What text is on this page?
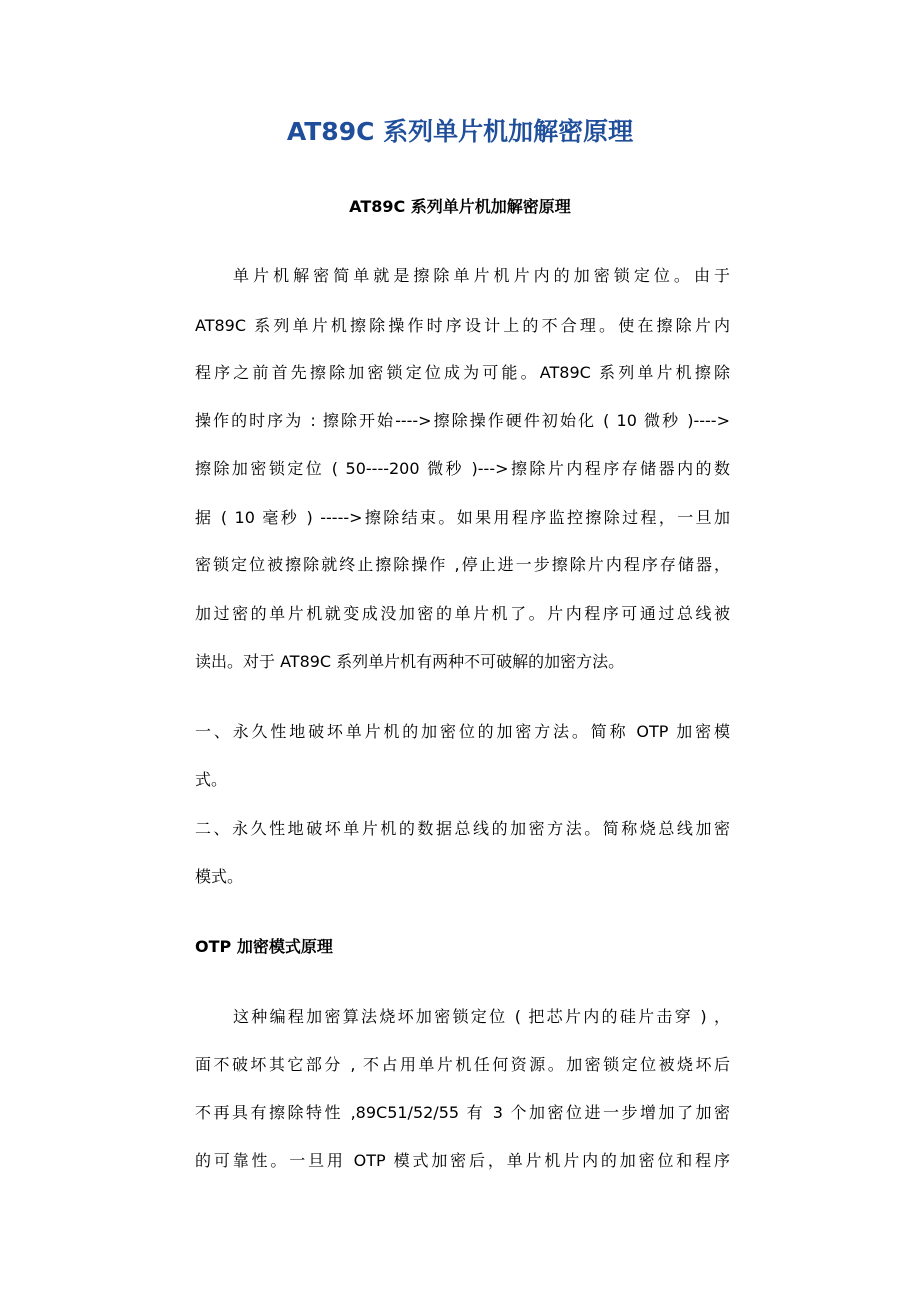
AT89C 系列单片机加解密原理
AT89C 系列单片机加解密原理
单片机解密简单就是擦除单片机片内的加密锁定位。由于
AT89C 系列单片机擦除操作时序设计上的不合理。使在擦除片内
程序之前首先擦除加密锁定位成为可能。AT89C 系列单片机擦除
操作的时序为 : 擦除开始---->擦除操作硬件初始化 ( 10 微秒 )---->
擦除加密锁定位 ( 50----200 微秒 )--->擦除片内程序存储器内的数
据 ( 10 毫秒 ) ----->擦除结束。如果用程序监控擦除过程，一旦加
密锁定位被擦除就终止擦除操作 ,停止进一步擦除片内程序存储器，
加过密的单片机就变成没加密的单片机了。片内程序可通过总线被
读出。对于 AT89C 系列单片机有两种不可破解的加密方法。
一、永久性地破坏单片机的加密位的加密方法。简称 OTP 加密模
式。
二、永久性地破坏单片机的数据总线的加密方法。简称烧总线加密
模式。
OTP 加密模式原理
这种编程加密算法烧坏加密锁定位 ( 把芯片内的硅片击穿 ) ，
面不破坏其它部分 , 不占用单片机任何资源。加密锁定位被烧坏后
不再具有擦除特性 ,89C51/52/55 有 3 个加密位进一步增加了加密
的可靠性。一旦用 OTP 模式加密后，单片机片内的加密位和程序
